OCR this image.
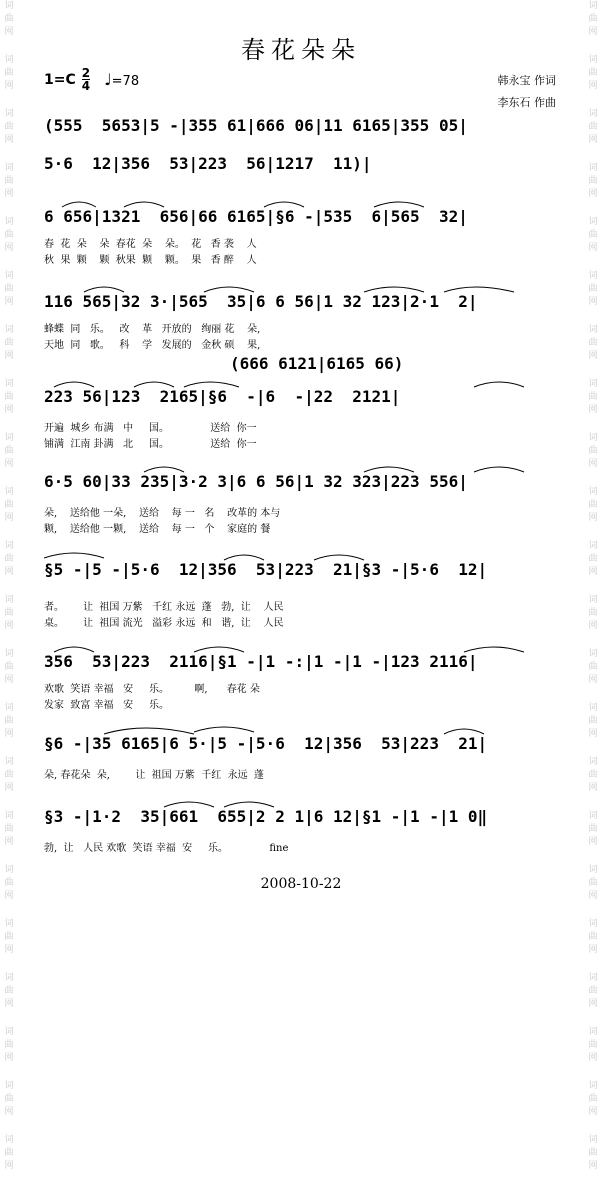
词
曲
网
词
曲
网
词
曲
网
词
曲
网
词
曲
网
词
曲
网
词
曲
网
词
曲
网
词
曲
网
词
曲
网
词
曲
网
词
曲
网
词
曲
网
词
曲
网
词
曲
网
词
曲
网
词
曲
网
词
曲
网
词
曲
网
词
曲
网
词
曲
网
词
曲
网
词
曲
网
词
曲
网
词
曲
网
词
曲
网
词
曲
网
词
曲
网
词
曲
网
词
曲
网
词
曲
网
词
曲
网
词
曲
网
词
曲
网
词
曲
网
词
曲
网
词
曲
网
词
曲
网
词
曲
网
词
曲
网
词
曲
网
词
曲
网
词
曲
网
词
曲
网
春花朵朵
1=C 2
4 ♩=78	韩永宝 作词
李东石 作曲
(555  5653|5 -|355 61|666 06|11 6165|355 05|
5·6  12|356  53|223  56|1217  11)|
6 656|1321  656|66 6165|§6 -|535  6|565  32|
春  花  朵    朵  春花  朵    朵。  花   香 袭    人
秋  果  颗    颗  秋果  颗    颗。  果   香 醉    人
116 565|32 3·|565  35|6 6 56|1 32 123|2·1  2|
蜂蝶  同   乐。   改    革   开放的   绚丽 花    朵,
天地  同   歌。   科    学   发展的   金秋 硕    果,
(666 6121|6165 66)
223 56|123  2165|§6  -|6  -|22  2121|
开遍  城乡 布满   中     国。             送给  你一
铺满  江南 卦满   北     国。             送给  你一
6·5 60|33 235|3·2 3|6 6 56|1 32 323|223 556|
朵,    送给他 一朵,    送给    每 一   名    改革的 本与
颗,    送给他 一颗,    送给    每 一   个    家庭的 餐
§5 -|5 -|5·6  12|356  53|223  21|§3 -|5·6  12|
者。      让  祖国 万紫   千红 永远  蓬   勃,  让    人民
桌。      让  祖国 流光   溢彩 永远  和   谐,  让    人民
356  53|223  2116|§1 -|1 -:|1 -|1 -|123 2116|
欢歌  笑语 幸福   安     乐。        啊,      春花 朵
发家  致富 幸福   安     乐。
§6 -|35 6165|6 5·|5 -|5·6  12|356  53|223  21|
朵, 春花朵  朵,        让  祖国 万紫  千红  永远  蓬
§3 -|1·2  35|661  655|2 2 1|6 12|§1 -|1 -|1 0‖
勃,  让   人民 欢歌  笑语 幸福  安     乐。             fine
2008-10-22
